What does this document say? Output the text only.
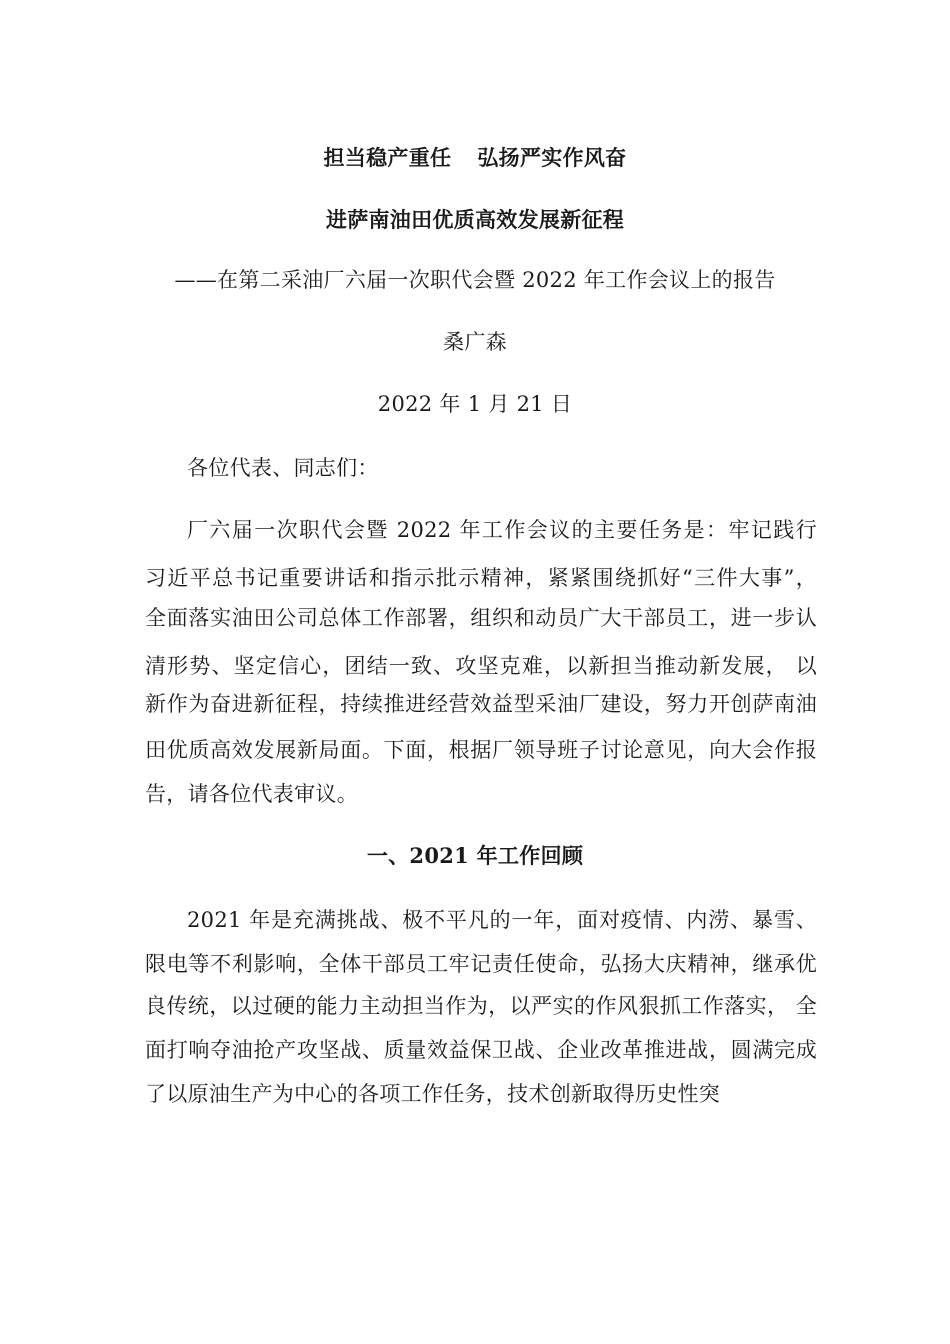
担当稳产重任 弘扬严实作风奋
进萨南油田优质高效发展新征程
——在第二采油厂六届一次职代会暨 2022 年工作会议上的报告
桑广森
2022 年 1 月 21 日
各位代表、同志们：
厂六届一次职代会暨 2022 年工作会议的主要任务是：牢记践行
习近平总书记重要讲话和指示批示精神，紧紧围绕抓好“三件大事”，
全面落实油田公司总体工作部署，组织和动员广大干部员工，进一步认
清形势、坚定信心，团结一致、攻坚克难，以新担当推动新发展， 以
新作为奋进新征程，持续推进经营效益型采油厂建设，努力开创萨南油
田优质高效发展新局面。下面，根据厂领导班子讨论意见，向大会作报
告，请各位代表审议。
一、2021 年工作回顾
2021 年是充满挑战、极不平凡的一年，面对疫情、内涝、暴雪、
限电等不利影响，全体干部员工牢记责任使命，弘扬大庆精神，继承优
良传统，以过硬的能力主动担当作为，以严实的作风狠抓工作落实， 全
面打响夺油抢产攻坚战、质量效益保卫战、企业改革推进战，圆满完成
了以原油生产为中心的各项工作任务，技术创新取得历史性突
